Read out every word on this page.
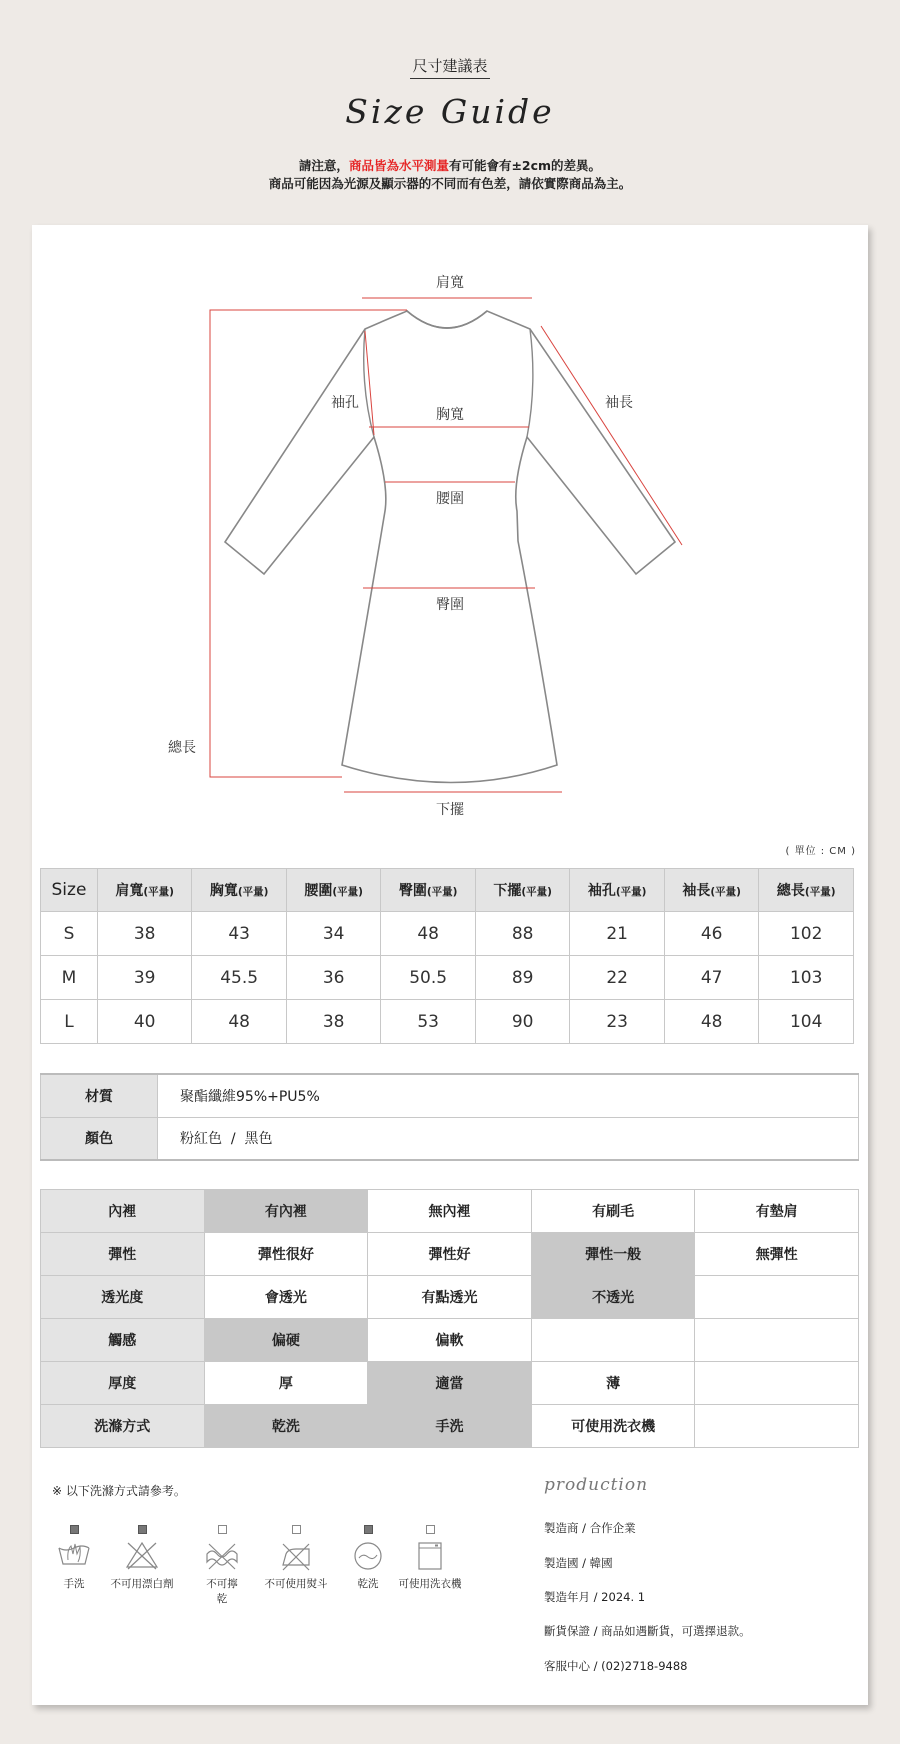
尺寸建議表
Size Guide
請注意，商品皆為水平測量有可能會有±2cm的差異。
商品可能因為光源及顯示器的不同而有色差，請依實際商品為主。
肩寬
袖孔	袖長
胸寬
腰圍
臀圍
總長
下擺
( 單位 : CM )
Size	肩寬(平量)	胸寬(平量)	腰圍(平量)	臀圍(平量)	下擺(平量)	袖孔(平量)	袖長(平量)	總長(平量)
S	38	43	34	48	88	21	46	102
M	39	45.5	36	50.5	89	22	47	103
L	40	48	38	53	90	23	48	104
材質	聚酯纖維95%+PU5%
顏色	粉紅色  /  黑色
內裡	有內裡	無內裡	有刷毛	有墊肩
彈性	彈性很好	彈性好	彈性一般	無彈性
透光度	會透光	有點透光	不透光	
觸感	偏硬	偏軟		
厚度	厚	適當	薄	
洗滌方式	乾洗	手洗	可使用洗衣機	
※ 以下洗滌方式請參考。
手洗	不可用漂白劑	不可擰乾
不可使用熨斗	乾洗	可使用洗衣機
production
製造商 / 合作企業
製造國 / 韓國
製造年月 / 2024. 1
斷貨保證 / 商品如遇斷貨，可選擇退款。
客服中心 / (02)2718-9488
